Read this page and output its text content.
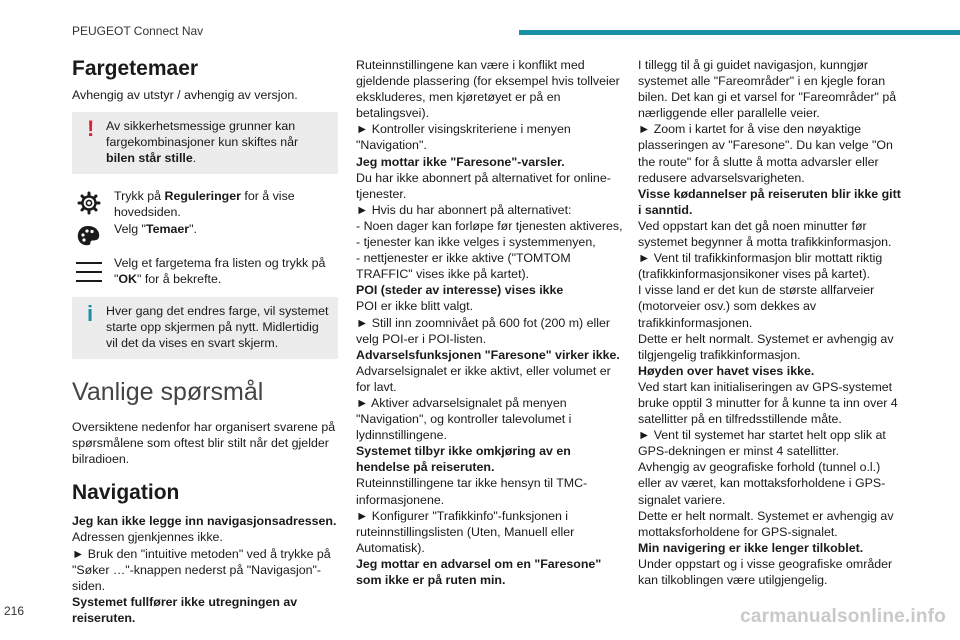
PEUGEOT Connect Nav
Fargetemaer

Avhengig av utstyr / avhengig av versjon.

! Av sikkerhetsmessige grunner kan fargekombinasjoner kun skiftes når bilen står stille.

Trykk på Reguleringer for å vise hovedsiden.

Velg "Temaer".

Velg et fargetema fra listen og trykk på "OK" for å bekrefte.

i	Hver gang det endres farge, vil systemet starte opp skjermen på nytt. Midlertidig vil det da vises en svart skjerm.

Vanlige spørsmål

Oversiktene nedenfor har organisert svarene på spørsmålene som oftest blir stilt når det gjelder bilradioen.

Navigation

Jeg kan ikke legge inn navigasjonsadressen.

Adressen gjenkjennes ikke.

► Bruk den "intuitive metoden" ved å trykke på "Søker …"-knappen nederst på "Navigasjon"-siden.

Systemet fullfører ikke utregningen av reiseruten.

Ruteinnstillingene kan være i konflikt med gjeldende plassering (for eksempel hvis tollveier ekskluderes, men kjøretøyet er på en betalingsvei).

► Kontroller visingskriteriene i menyen "Navigation".

Jeg mottar ikke "Faresone"-varsler.

Du har ikke abonnert på alternativet for online-tjenester.

► Hvis du har abonnert på alternativet:

- Noen dager kan forløpe før tjenesten aktiveres,

- tjenester kan ikke velges i systemmenyen,

- nettjenester er ikke aktive ("TOMTOM TRAFFIC" vises ikke på kartet).

POI (steder av interesse) vises ikke

POI er ikke blitt valgt.

► Still inn zoomnivået på 600 fot (200 m) eller velg POI-er i POI-listen.

Advarselsfunksjonen "Faresone" virker ikke.

Advarselsignalet er ikke aktivt, eller volumet er for lavt.

► Aktiver advarselsignalet på menyen "Navigation", og kontroller talevolumet i lydinnstillingene.

Systemet tilbyr ikke omkjøring av en hendelse på reiseruten.

Ruteinnstillingene tar ikke hensyn til TMC-informasjonene.

► Konfigurer "Trafikkinfo"-funksjonen i ruteinnstillingslisten (Uten, Manuell eller Automatisk).

Jeg mottar en advarsel om en "Faresone" som ikke er på ruten min.

I tillegg til å gi guidet navigasjon, kunngjør systemet alle "Fareområder" i en kjegle foran bilen. Det kan gi et varsel for "Fareområder" på nærliggende eller parallelle veier.

► Zoom i kartet for å vise den nøyaktige plasseringen av "Faresone". Du kan velge "On the route" for å slutte å motta advarsler eller redusere advarselsvarigheten.

Visse kødannelser på reiseruten blir ikke gitt i sanntid.

Ved oppstart kan det gå noen minutter før systemet begynner å motta trafikkinformasjon.

► Vent til trafikkinformasjon blir mottatt riktig (trafikkinformasjonsikoner vises på kartet).

I visse land er det kun de største allfarveier (motorveier osv.) som dekkes av trafikkinformasjonen.

Dette er helt normalt. Systemet er avhengig av tilgjengelig trafikkinformasjon.

Høyden over havet vises ikke.

Ved start kan initialiseringen av GPS-systemet bruke opptil 3 minutter for å kunne ta inn over 4 satellitter på en tilfredsstillende måte.

► Vent til systemet har startet helt opp slik at GPS-dekningen er minst 4 satellitter.

Avhengig av geografiske forhold (tunnel o.l.) eller av været, kan mottaksforholdene i GPS-signalet variere.

Dette er helt normalt. Systemet er avhengig av mottaksforholdene for GPS-signalet.

Min navigering er ikke lenger tilkoblet.

Under oppstart og i visse geografiske områder kan tilkoblingen være utilgjengelig.

216	carmanualsonline.info
